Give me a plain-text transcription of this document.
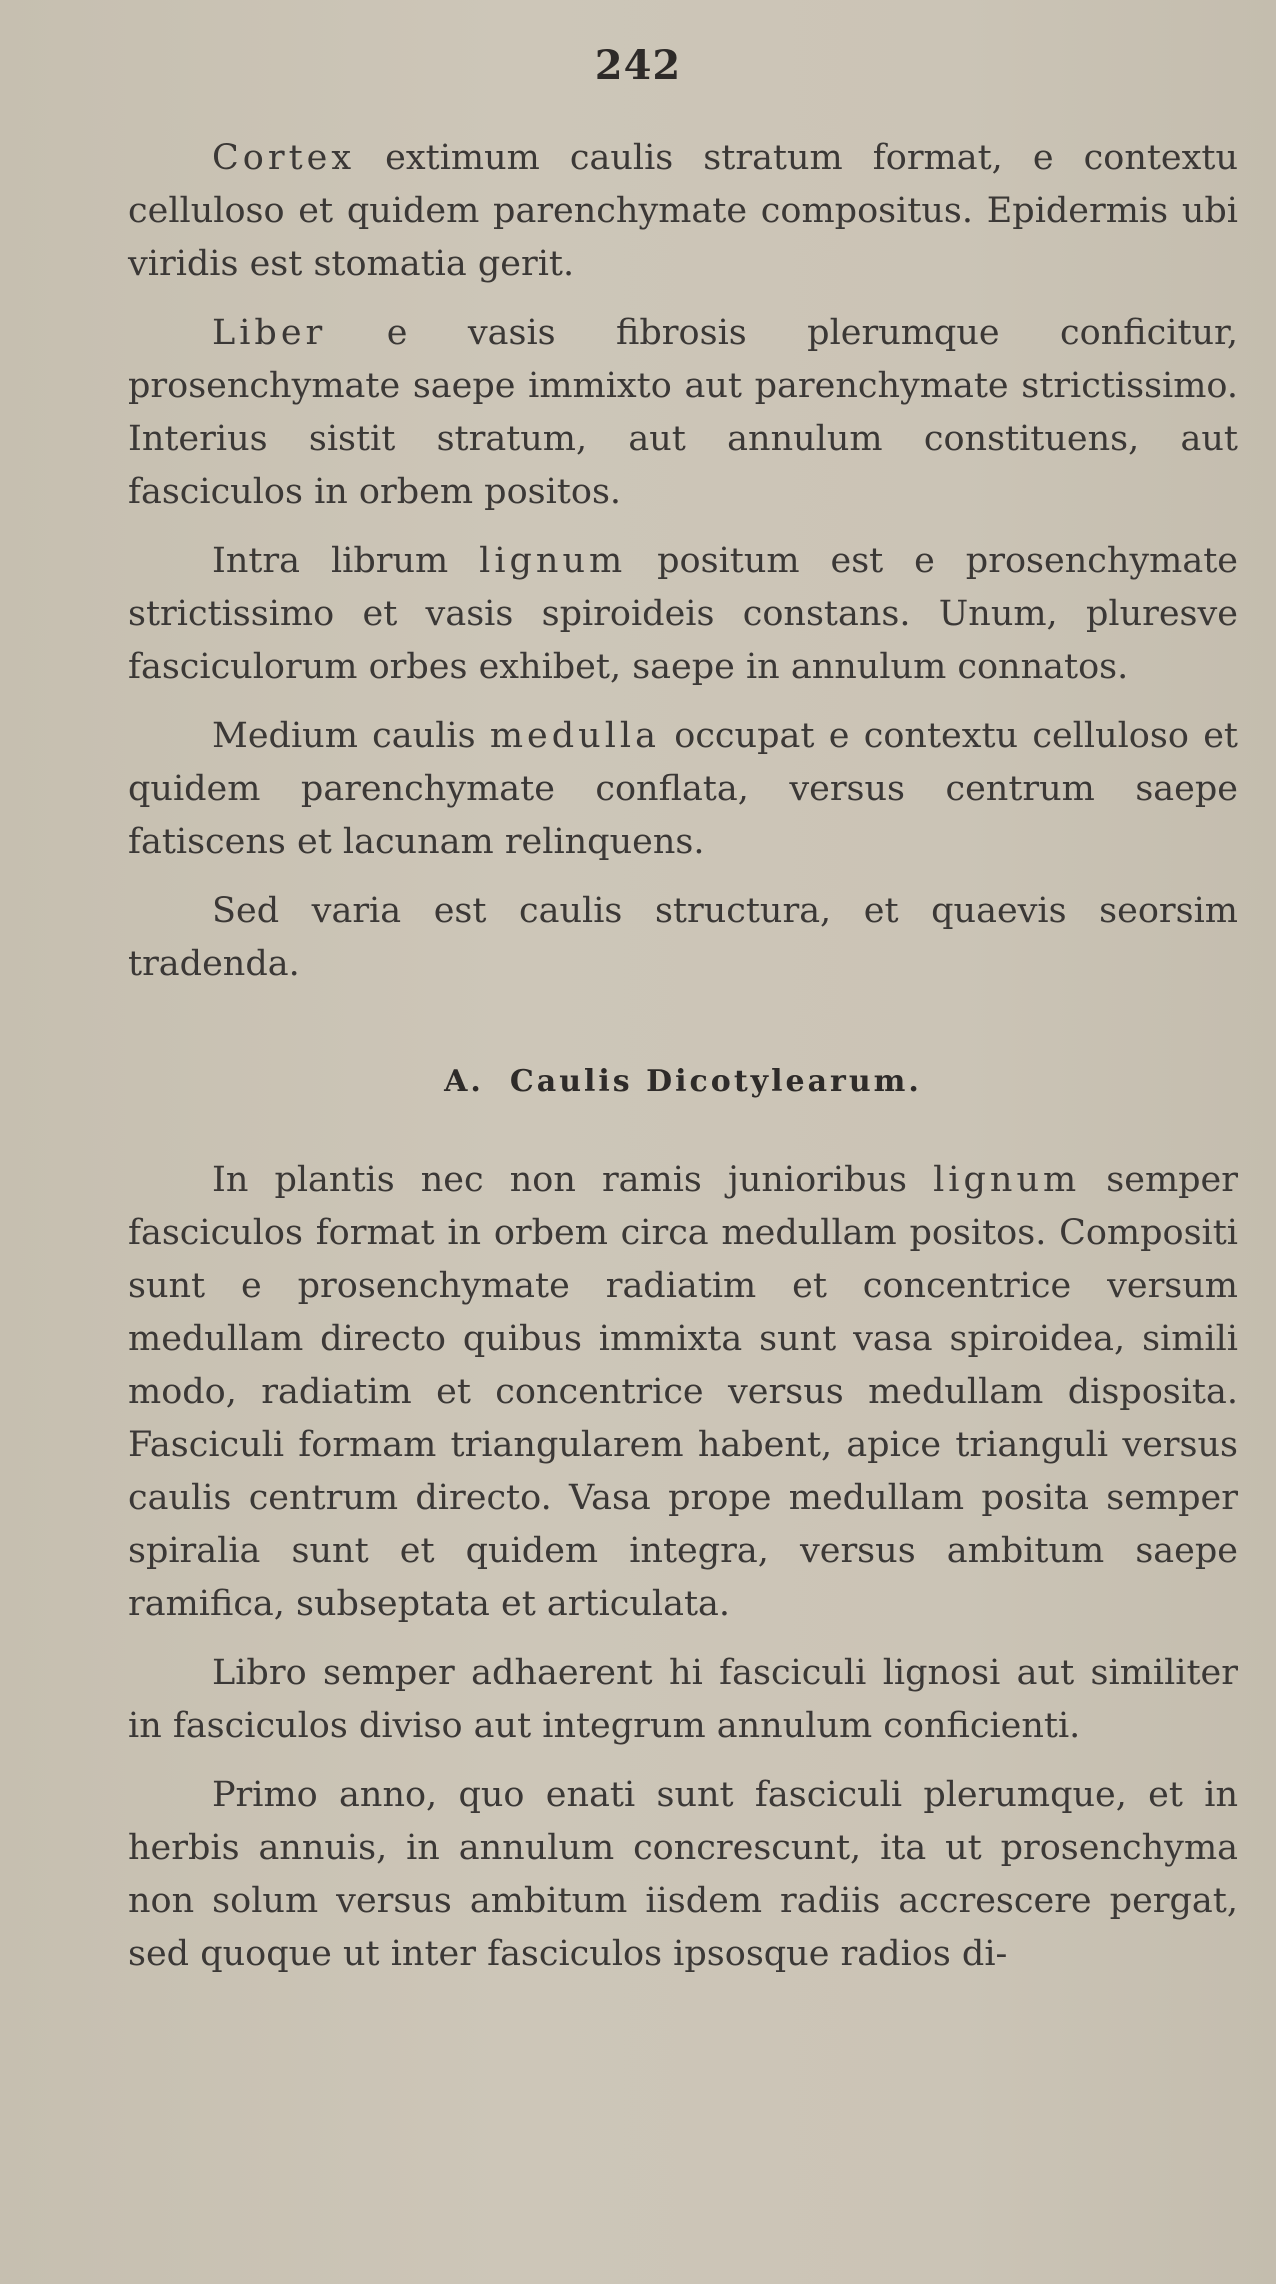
242

Cortex extimum caulis stratum format, e contextu celluloso et quidem parenchymate compositus. Epidermis ubi viridis est stomatia gerit.

Liber e vasis fibrosis plerumque conficitur, prosenchymate saepe immixto aut parenchymate strictissimo. Interius sistit stratum, aut annulum constituens, aut fasciculos in orbem positos.

Intra librum lignum positum est e prosenchymate strictissimo et vasis spiroideis constans. Unum, pluresve fasciculorum orbes exhibet, saepe in annulum connatos.

Medium caulis medulla occupat e contextu celluloso et quidem parenchymate conflata, versus centrum saepe fatiscens et lacunam relinquens.

Sed varia est caulis structura, et quaevis seorsim tradenda.

A. Caulis Dicotylearum.

In plantis nec non ramis junioribus lignum semper fasciculos format in orbem circa medullam positos. Compositi sunt e prosenchymate radiatim et concentrice versum medullam directo quibus immixta sunt vasa spiroidea, simili modo, radiatim et concentrice versus medullam disposita. Fasciculi formam triangularem habent, apice trianguli versus caulis centrum directo. Vasa prope medullam posita semper spiralia sunt et quidem integra, versus ambitum saepe ramifica, subseptata et articulata.

Libro semper adhaerent hi fasciculi lignosi aut similiter in fasciculos diviso aut integrum annulum conficienti.

Primo anno, quo enati sunt fasciculi plerumque, et in herbis annuis, in annulum concrescunt, ita ut prosenchyma non solum versus ambitum iisdem radiis accrescere pergat, sed quoque ut inter fasciculos ipsosque radios di-
